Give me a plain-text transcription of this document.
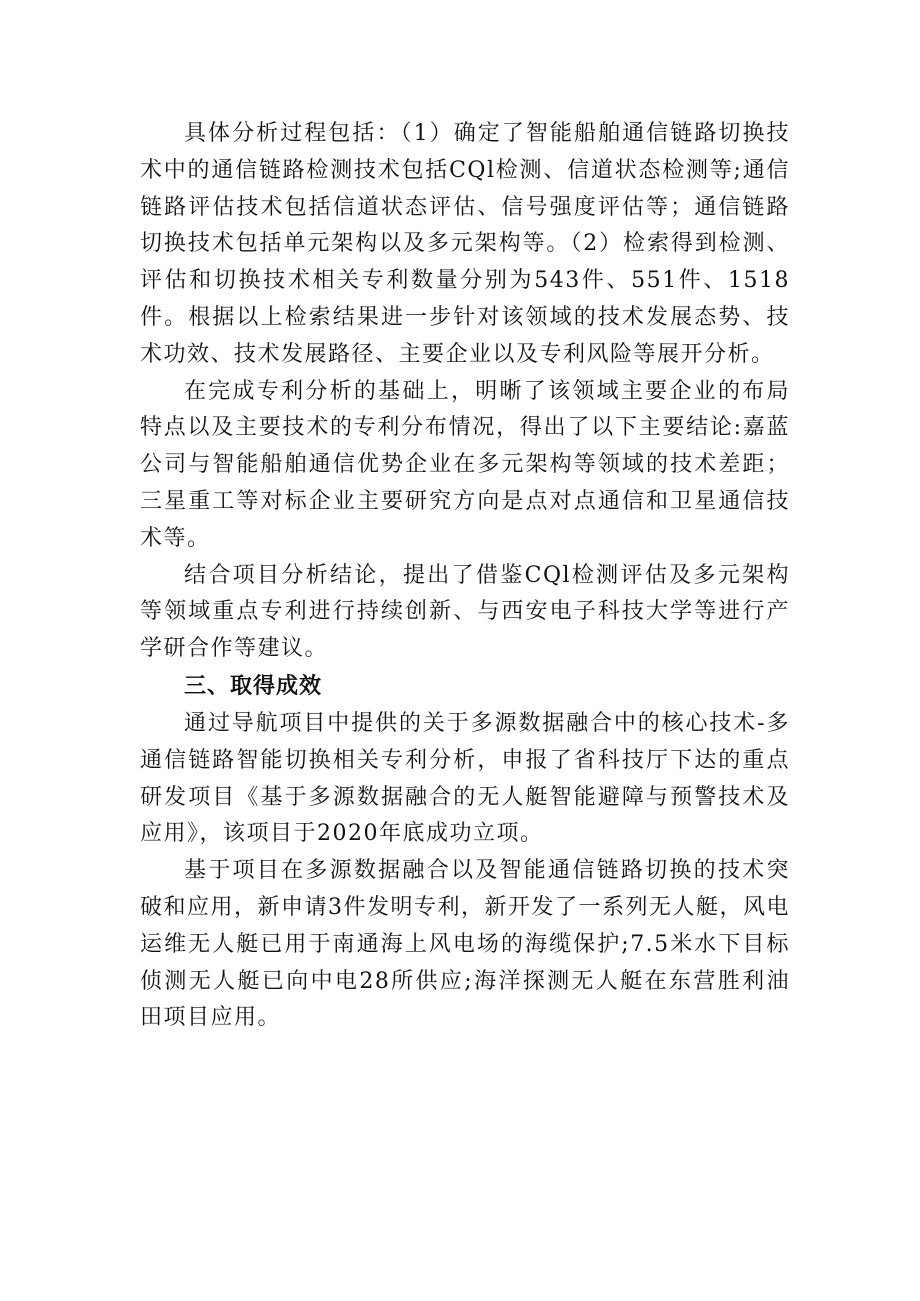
具体分析过程包括：（1）确定了智能船舶通信链路切换技术中的通信链路检测技术包括CQl检测、信道状态检测等;通信链路评估技术包括信道状态评估、信号强度评估等；通信链路切换技术包括单元架构以及多元架构等。（2）检索得到检测、评估和切换技术相关专利数量分别为543件、551件、1518件。根据以上检索结果进一步针对该领域的技术发展态势、技术功效、技术发展路径、主要企业以及专利风险等展开分析。

在完成专利分析的基础上，明晰了该领域主要企业的布局特点以及主要技术的专利分布情况，得出了以下主要结论:嘉蓝公司与智能船舶通信优势企业在多元架构等领域的技术差距；三星重工等对标企业主要研究方向是点对点通信和卫星通信技术等。

结合项目分析结论，提出了借鉴CQl检测评估及多元架构等领域重点专利进行持续创新、与西安电子科技大学等进行产学研合作等建议。

三、取得成效

通过导航项目中提供的关于多源数据融合中的核心技术-多通信链路智能切换相关专利分析，申报了省科技厅下达的重点研发项目《基于多源数据融合的无人艇智能避障与预警技术及应用》，该项目于2020年底成功立项。

基于项目在多源数据融合以及智能通信链路切换的技术突破和应用，新申请3件发明专利，新开发了一系列无人艇，风电运维无人艇已用于南通海上风电场的海缆保护;7.5米水下目标侦测无人艇已向中电28所供应;海洋探测无人艇在东营胜利油田项目应用。
